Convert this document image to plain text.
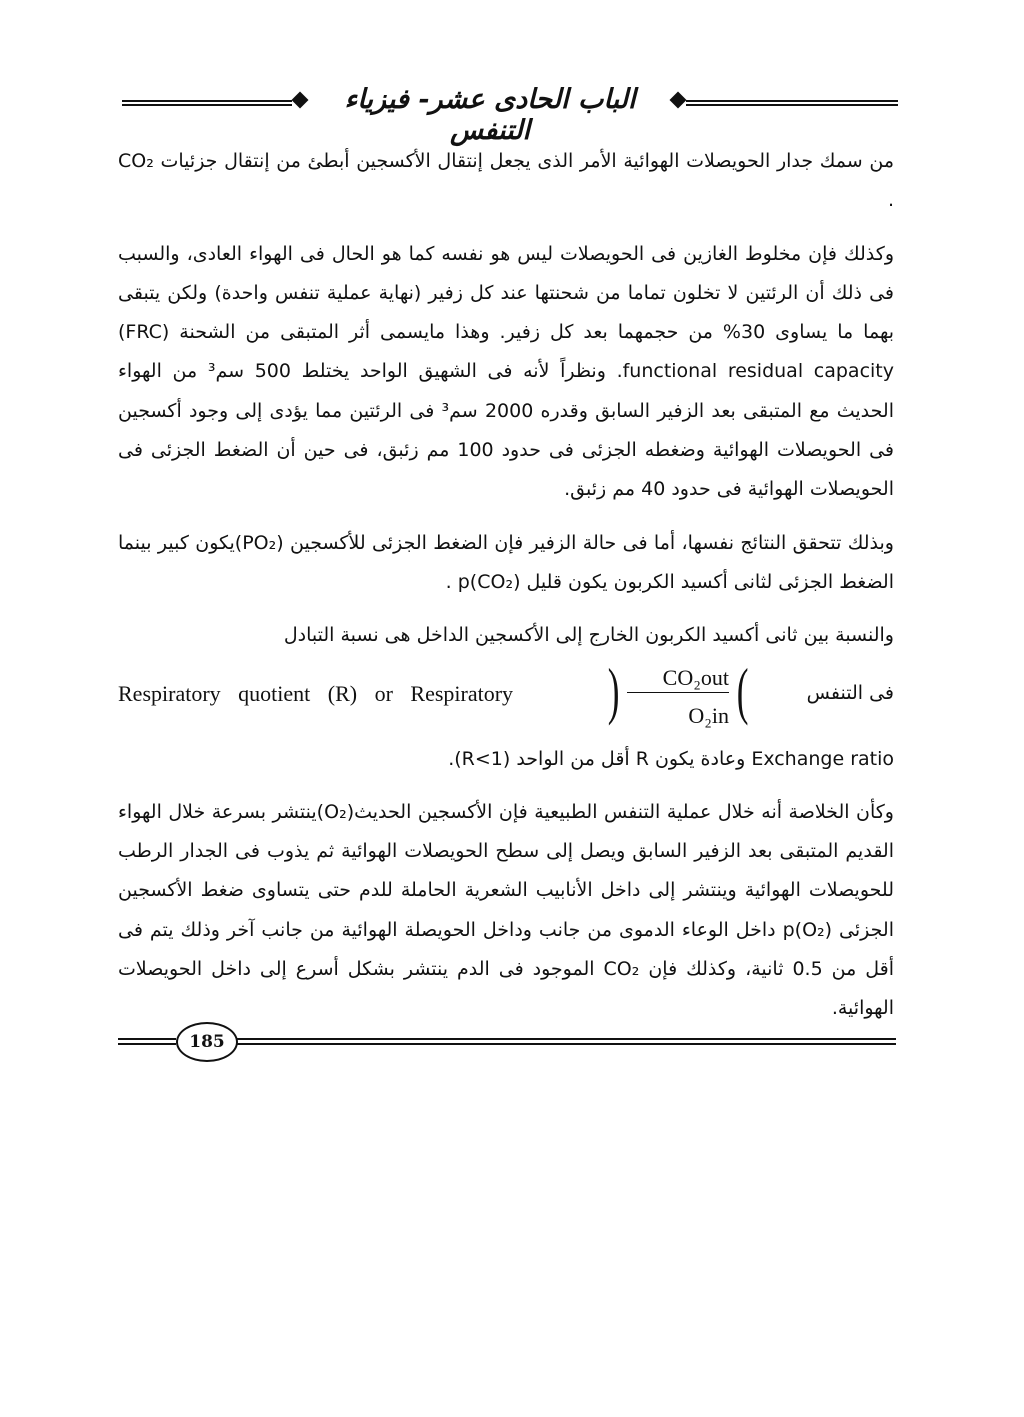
الباب الحادى عشر- فيزياء التنفس

من سمك جدار الحويصلات الهوائية الأمر الذى يجعل إنتقال الأكسجين أبطئ من إنتقال جزئيات CO₂ .

وكذلك فإن مخلوط الغازين فى الحويصلات ليس هو نفسه كما هو الحال فى الهواء العادى، والسبب فى ذلك أن الرئتين لا تخلون تماما من شحنتها عند كل زفير (نهاية عملية تنفس واحدة) ولكن يتبقى بهما ما يساوى 30% من حجمهما بعد كل زفير. وهذا مايسمى أثر المتبقى من الشحنة (FRC) functional residual capacity. ونظراً لأنه فى الشهيق الواحد يختلط 500 سم³ من الهواء الحديث مع المتبقى بعد الزفير السابق وقدره 2000 سم³ فى الرئتين مما يؤدى إلى وجود أكسجين فى الحويصلات الهوائية وضغطه الجزئى فى حدود 100 مم زئبق، فى حين أن الضغط الجزئى فى الحويصلات الهوائية فى حدود 40 مم زئبق.

وبذلك تتحقق النتائج نفسها، أما فى حالة الزفير فإن الضغط الجزئى للأكسجين (PO₂)يكون كبير بينما الضغط الجزئى لثانى أكسيد الكربون يكون قليل (p(CO₂ .

والنسبة بين ثانى أكسيد الكربون الخارج إلى الأكسجين الداخل هى نسبة التبادل

فى التنفس
(	CO₂out
O₂in )
Respiratory quotient (R) or Respiratory

Exchange ratio وعادة يكون R أقل من الواحد (R<1).

وكأن الخلاصة أنه خلال عملية التنفس الطبيعية فإن الأكسجين الحديث(O₂)ينتشر بسرعة خلال الهواء القديم المتبقى بعد الزفير السابق ويصل إلى سطح الحويصلات الهوائية ثم يذوب فى الجدار الرطب للحويصلات الهوائية وينتشر إلى داخل الأنابيب الشعرية الحاملة للدم حتى يتساوى ضغط الأكسجين الجزئى (p(O₂ داخل الوعاء الدموى من جانب وداخل الحويصلة الهوائية من جانب آخر وذلك يتم فى أقل من 0.5 ثانية، وكذلك فإن CO₂ الموجود فى الدم ينتشر بشكل أسرع إلى داخل الحويصلات الهوائية.

185
